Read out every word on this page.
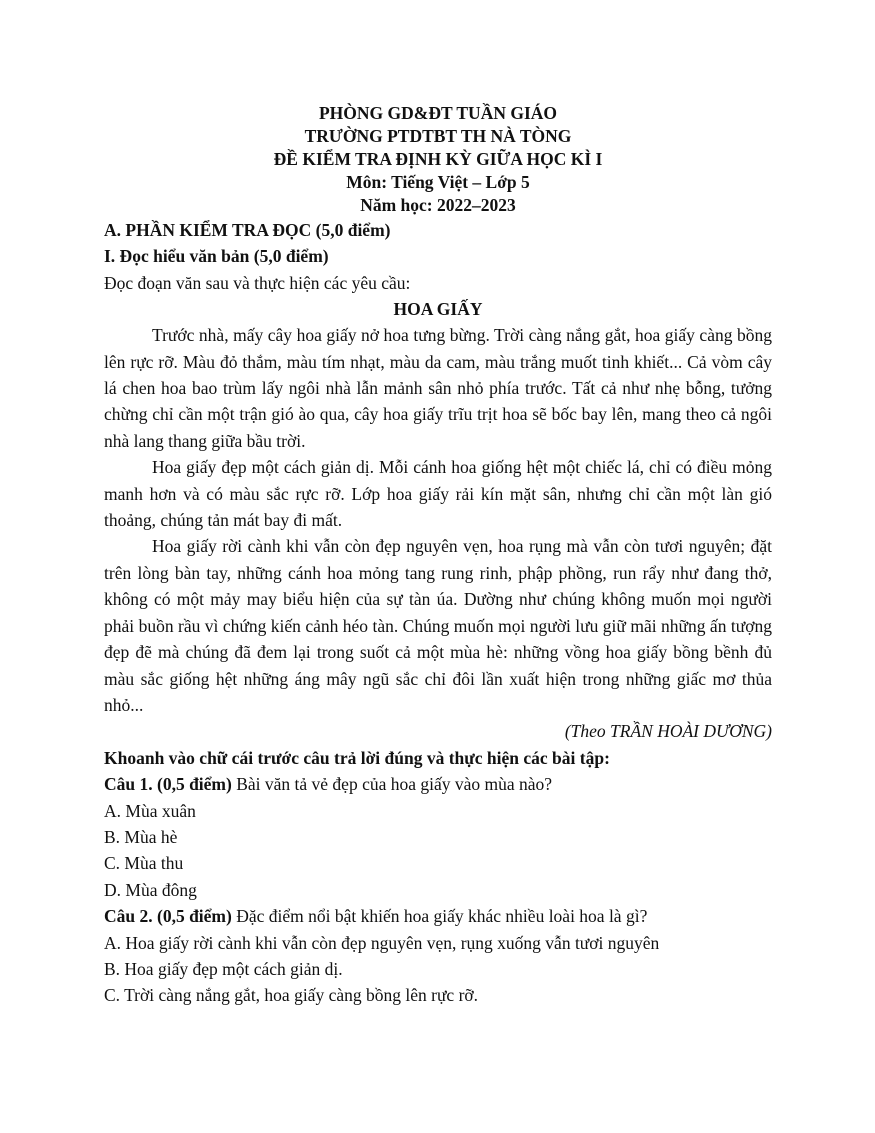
PHÒNG GD&ĐT TUẦN GIÁO
TRƯỜNG PTDTBT TH NÀ TÒNG
ĐỀ KIỂM TRA ĐỊNH KỲ GIỮA HỌC KÌ I
Môn: Tiếng Việt – Lớp 5
Năm học: 2022–2023
A. PHẦN KIỂM TRA ĐỌC (5,0 điểm)
I. Đọc hiểu văn bản (5,0 điểm)
Đọc đoạn văn sau và thực hiện các yêu cầu:
HOA GIẤY

Trước nhà, mấy cây hoa giấy nở hoa tưng bừng. Trời càng nắng gắt, hoa giấy càng bồng lên rực rỡ. Màu đỏ thắm, màu tím nhạt, màu da cam, màu trắng muốt tinh khiết... Cả vòm cây lá chen hoa bao trùm lấy ngôi nhà lẫn mảnh sân nhỏ phía trước. Tất cả như nhẹ bỗng, tưởng chừng chỉ cần một trận gió ào qua, cây hoa giấy trĩu trịt hoa sẽ bốc bay lên, mang theo cả ngôi nhà lang thang giữa bầu trời.

Hoa giấy đẹp một cách giản dị. Mỗi cánh hoa giống hệt một chiếc lá, chỉ có điều mỏng manh hơn và có màu sắc rực rỡ. Lớp hoa giấy rải kín mặt sân, nhưng chỉ cần một làn gió thoảng, chúng tản mát bay đi mất.

Hoa giấy rời cành khi vẫn còn đẹp nguyên vẹn, hoa rụng mà vẫn còn tươi nguyên; đặt trên lòng bàn tay, những cánh hoa mỏng tang rung rinh, phập phồng, run rẩy như đang thở, không có một mảy may biểu hiện của sự tàn úa. Dường như chúng không muốn mọi người phải buồn rầu vì chứng kiến cảnh héo tàn. Chúng muốn mọi người lưu giữ mãi những ấn tượng đẹp đẽ mà chúng đã đem lại trong suốt cả một mùa hè: những vồng hoa giấy bồng bềnh đủ màu sắc giống hệt những áng mây ngũ sắc chỉ đôi lần xuất hiện trong những giấc mơ thủa nhỏ...

(Theo TRẦN HOÀI DƯƠNG)
Khoanh vào chữ cái trước câu trả lời đúng và thực hiện các bài tập:
Câu 1. (0,5 điểm) Bài văn tả vẻ đẹp của hoa giấy vào mùa nào?
A. Mùa xuân
B. Mùa hè
C. Mùa thu
D. Mùa đông
Câu 2. (0,5 điểm) Đặc điểm nổi bật khiến hoa giấy khác nhiều loài hoa là gì?
A. Hoa giấy rời cành khi vẫn còn đẹp nguyên vẹn, rụng xuống vẫn tươi nguyên
B. Hoa giấy đẹp một cách giản dị.
C. Trời càng nắng gắt, hoa giấy càng bồng lên rực rỡ.
